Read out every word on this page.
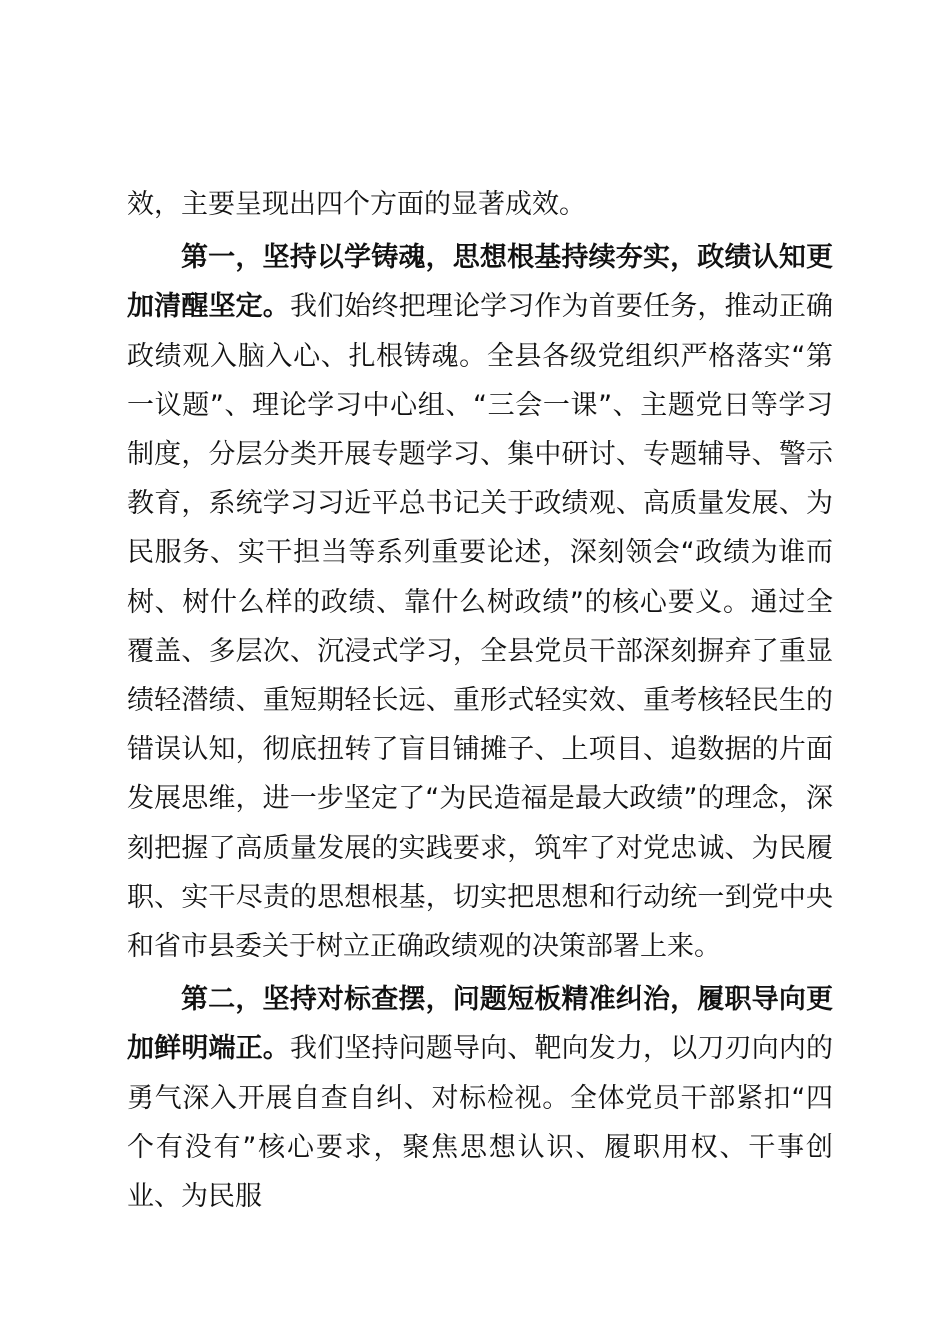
效，主要呈现出四个方面的显著成效。

第一，坚持以学铸魂，思想根基持续夯实，政绩认知更加清醒坚定。我们始终把理论学习作为首要任务，推动正确政绩观入脑入心、扎根铸魂。全县各级党组织严格落实“第一议题”、理论学习中心组、“三会一课”、主题党日等学习制度，分层分类开展专题学习、集中研讨、专题辅导、警示教育，系统学习习近平总书记关于政绩观、高质量发展、为民服务、实干担当等系列重要论述，深刻领会“政绩为谁而树、树什么样的政绩、靠什么树政绩”的核心要义。通过全覆盖、多层次、沉浸式学习，全县党员干部深刻摒弃了重显绩轻潜绩、重短期轻长远、重形式轻实效、重考核轻民生的错误认知，彻底扭转了盲目铺摊子、上项目、追数据的片面发展思维，进一步坚定了“为民造福是最大政绩”的理念，深刻把握了高质量发展的实践要求，筑牢了对党忠诚、为民履职、实干尽责的思想根基，切实把思想和行动统一到党中央和省市县委关于树立正确政绩观的决策部署上来。

第二，坚持对标查摆，问题短板精准纠治，履职导向更加鲜明端正。我们坚持问题导向、靶向发力，以刀刃向内的勇气深入开展自查自纠、对标检视。全体党员干部紧扣“四个有没有”核心要求，聚焦思想认识、履职用权、干事创业、为民服
